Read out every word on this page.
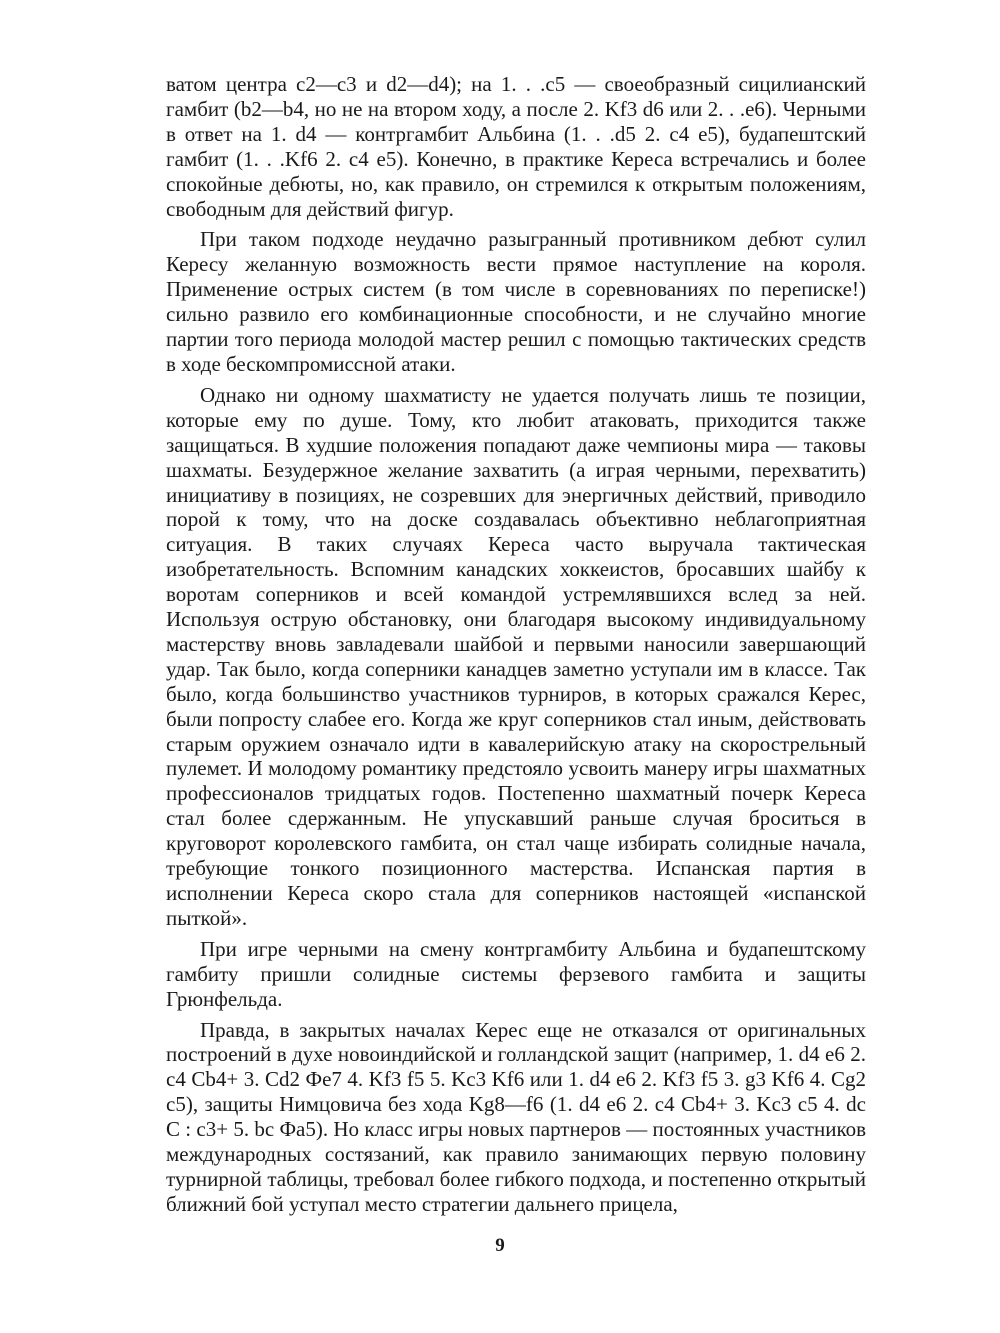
ватом центра c2—c3 и d2—d4); на 1. . .c5 — своеобразный сицилианский гамбит (b2—b4, но не на втором ходу, а после 2. Kf3 d6 или 2. . .e6). Черными в ответ на 1. d4 — контргамбит Альбина (1. . .d5 2. c4 e5), будапештский гамбит (1. . .Kf6 2. c4 e5). Конечно, в практике Кереса встречались и более спокойные дебюты, но, как правило, он стремился к открытым положениям, свободным для действий фигур.

При таком подходе неудачно разыгранный противником дебют сулил Кересу желанную возможность вести прямое наступление на короля. Применение острых систем (в том числе в соревнованиях по переписке!) сильно развило его комбинационные способности, и не случайно многие партии того периода молодой мастер решил с помощью тактических средств в ходе бескомпромиссной атаки.

Однако ни одному шахматисту не удается получать лишь те позиции, которые ему по душе. Тому, кто любит атаковать, приходится также защищаться. В худшие положения попадают даже чемпионы мира — таковы шахматы. Безудержное желание захватить (а играя черными, перехватить) инициативу в позициях, не созревших для энергичных действий, приводило порой к тому, что на доске создавалась объективно неблагоприятная ситуация. В таких случаях Кереса часто выручала тактическая изобретательность. Вспомним канадских хоккеистов, бросавших шайбу к воротам соперников и всей командой устремлявшихся вслед за ней. Используя острую обстановку, они благодаря высокому индивидуальному мастерству вновь завладевали шайбой и первыми наносили завершающий удар. Так было, когда соперники канадцев заметно уступали им в классе. Так было, когда большинство участников турниров, в которых сражался Керес, были попросту слабее его. Когда же круг соперников стал иным, действовать старым оружием означало идти в кавалерийскую атаку на скорострельный пулемет. И молодому романтику предстояло усвоить манеру игры шахматных профессионалов тридцатых годов. Постепенно шахматный почерк Кереса стал более сдержанным. Не упускавший раньше случая броситься в круговорот королевского гамбита, он стал чаще избирать солидные начала, требующие тонкого позиционного мастерства. Испанская партия в исполнении Кереса скоро стала для соперников настоящей «испанской пыткой».

При игре черными на смену контргамбиту Альбина и будапештскому гамбиту пришли солидные системы ферзевого гамбита и защиты Грюнфельда.

Правда, в закрытых началах Керес еще не отказался от оригинальных построений в духе новоиндийской и голландской защит (например, 1. d4 e6 2. c4 Cb4+ 3. Cd2 Фe7 4. Kf3 f5 5. Kc3 Kf6 или 1. d4 e6 2. Kf3 f5 3. g3 Kf6 4. Cg2 c5), защиты Нимцовича без хода Kg8—f6 (1. d4 e6 2. c4 Cb4+ 3. Kc3 c5 4. dc C : c3+ 5. bc Фa5). Но класс игры новых партнеров — постоянных участников международных состязаний, как правило занимающих первую половину турнирной таблицы, требовал более гибкого подхода, и постепенно открытый ближний бой уступал место стратегии дальнего прицела,

9
